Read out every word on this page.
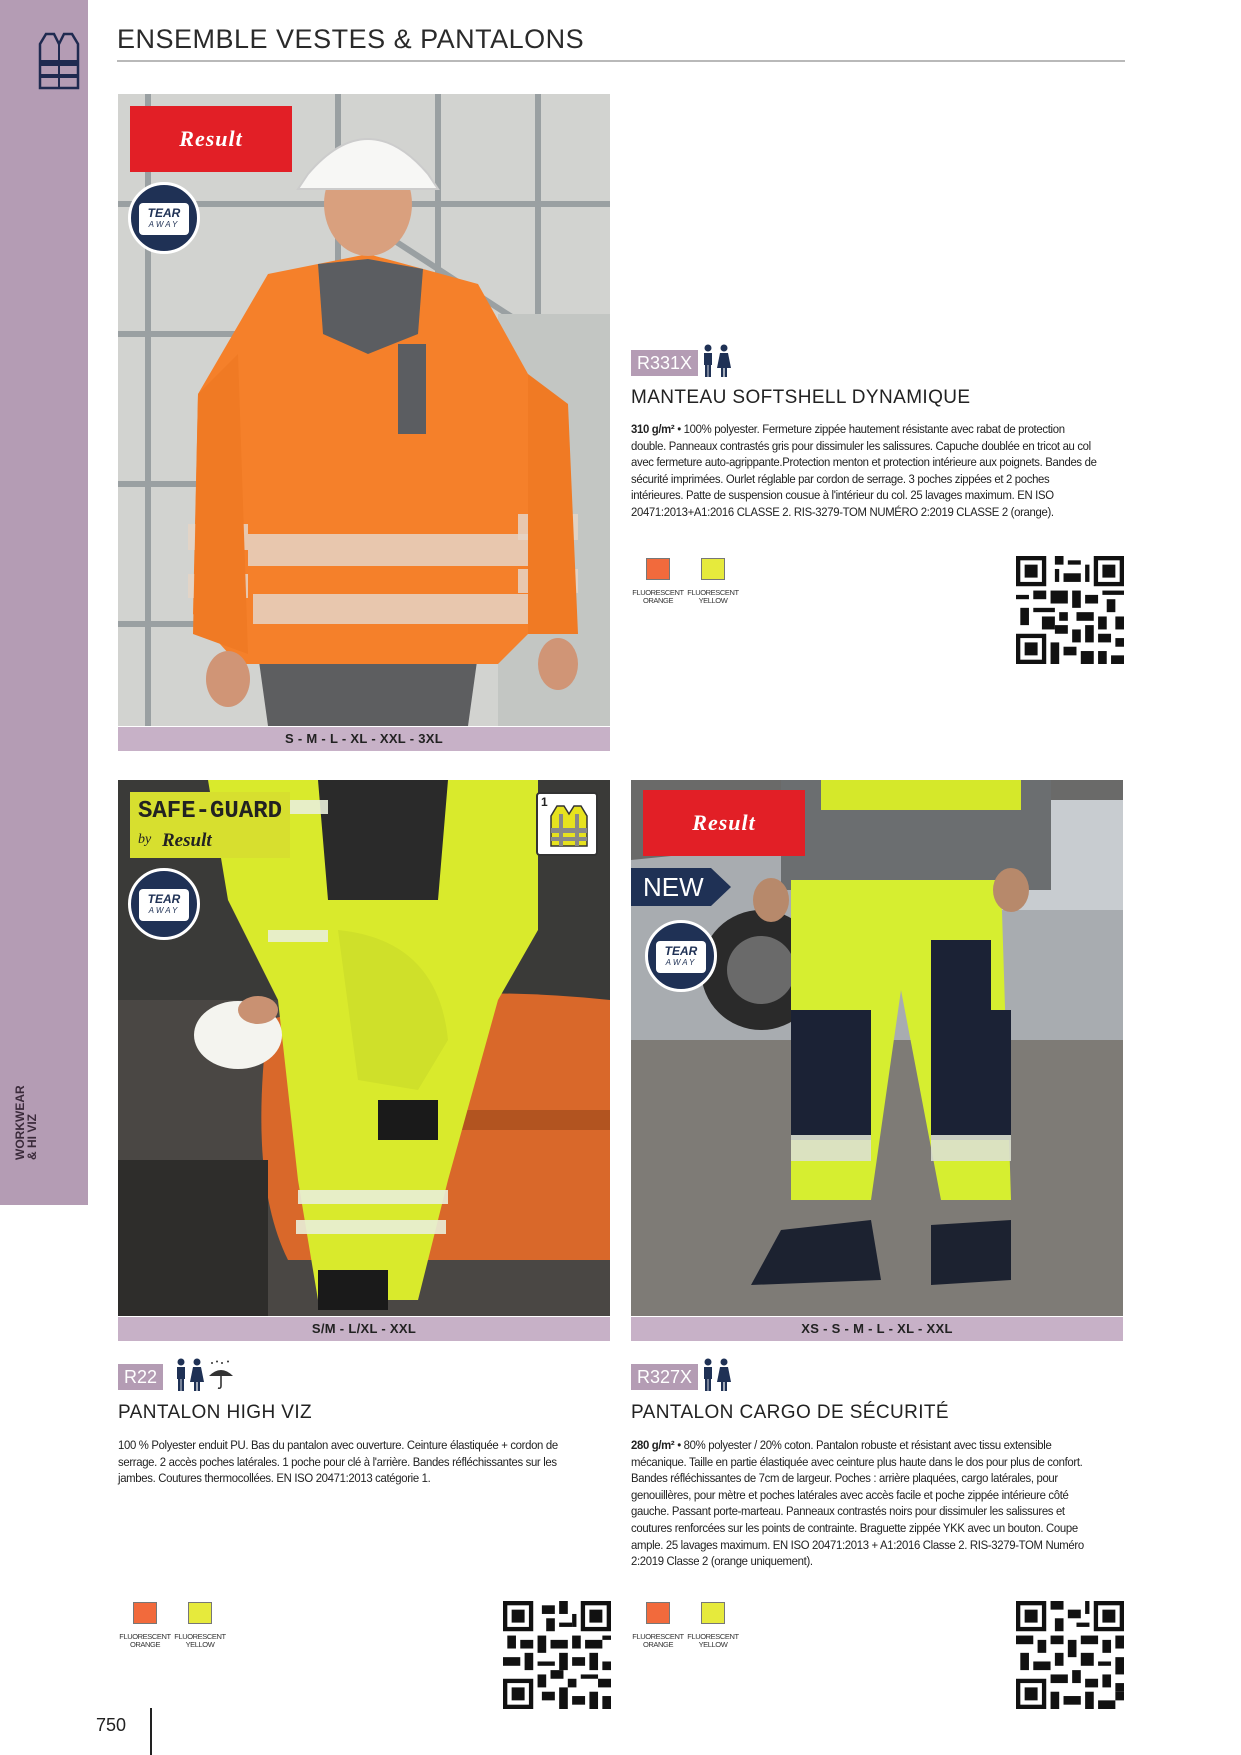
WORKWEAR
& HI VIZ
ENSEMBLE VESTES & PANTALONS
Result
TEAR
AWAY
S - M - L - XL - XXL - 3XL
R331X
MANTEAU SOFTSHELL DYNAMIQUE
310 g/m² • 100% polyester. Fermeture zippée hautement résistante avec rabat de protection double. Panneaux contrastés gris pour dissimuler les salissures. Capuche doublée en tricot au col avec fermeture auto-agrippante.Protection menton et protection intérieure aux poignets. Bandes de sécurité imprimées. Ourlet réglable par cordon de serrage. 3 poches zippées et 2 poches intérieures. Patte de suspension cousue à l'intérieur du col. 25 lavages maximum. EN ISO 20471:2013+A1:2016 CLASSE 2. RIS-3279-TOM NUMÉRO 2:2019 CLASSE 2 (orange).
FLUORESCENT ORANGE
FLUORESCENT YELLOW
SAFE-GUARD
by Result
TEAR
AWAY
1
S/M - L/XL - XXL
Result
NEW
TEAR
AWAY
XS - S - M - L - XL - XXL
R22
PANTALON HIGH VIZ
100 % Polyester enduit PU. Bas du pantalon avec ouverture. Ceinture élastiquée + cordon de serrage. 2 accès poches latérales. 1 poche pour clé à l'arrière. Bandes réfléchissantes sur les jambes. Coutures thermocollées. EN ISO 20471:2013 catégorie 1.
FLUORESCENT ORANGE
FLUORESCENT YELLOW
R327X
PANTALON CARGO DE SÉCURITÉ
280 g/m² • 80% polyester / 20% coton. Pantalon robuste et résistant avec tissu extensible mécanique. Taille en partie élastiquée avec ceinture plus haute dans le dos pour plus de confort. Bandes réfléchissantes de 7cm de largeur. Poches : arrière plaquées, cargo latérales, pour genouillères, pour mètre et poches latérales avec accès facile et poche zippée intérieure côté gauche. Passant porte-marteau. Panneaux contrastés noirs pour dissimuler les salissures et coutures renforcées sur les points de contrainte. Braguette zippée YKK avec un bouton. Coupe ample. 25 lavages maximum. EN ISO 20471:2013 + A1:2016 Classe 2. RIS-3279-TOM Numéro 2:2019 Classe 2 (orange uniquement).
FLUORESCENT ORANGE
FLUORESCENT YELLOW
750
